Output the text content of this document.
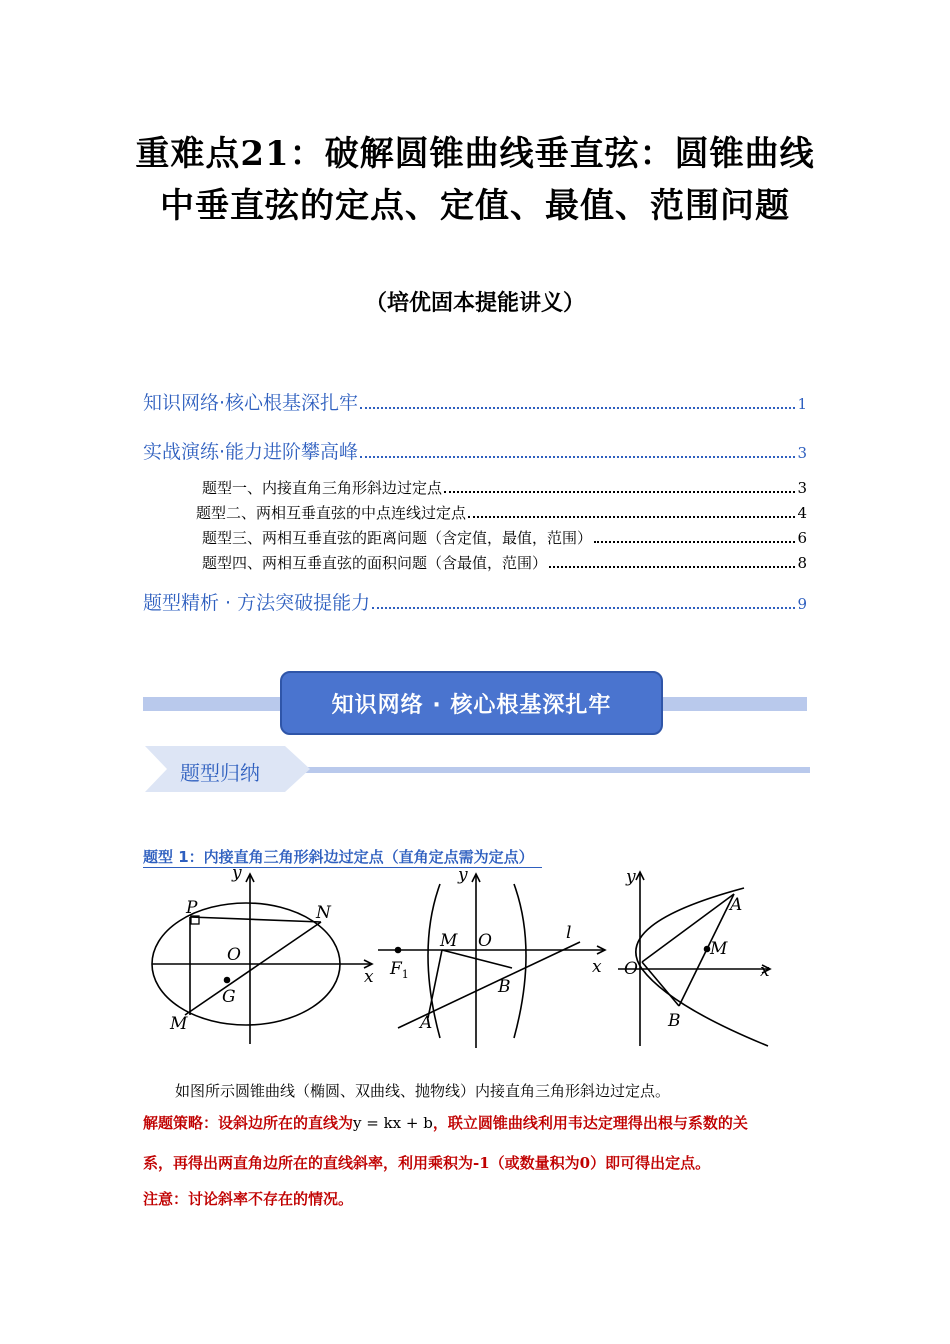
重难点21：破解圆锥曲线垂直弦：圆锥曲线中垂直弦的定点、定值、最值、范围问题
（培优固本提能讲义）
知识网络·核心根基深扎牢	1
实战演练·能力进阶攀高峰	3
题型一、内接直角三角形斜边过定点	3
题型二、两相互垂直弦的中点连线过定点	4
题型三、两相互垂直弦的距离问题（含定值，最值，范围）	6
题型四、两相互垂直弦的面积问题（含最值，范围）	8
题型精析 · 方法突破提能力	9
知识网络 · 核心根基深扎牢
题型归纳
题型 1：内接直角三角形斜边过定点（直角定点需为定点）
P	N
O
G
M
y
x
M O	l
$F_1$
B
A
y
x
A
M
O
B
y
x
如图所示圆锥曲线（椭圆、双曲线、抛物线）内接直角三角形斜边过定点。
解题策略：设斜边所在的直线为y = kx + b，联立圆锥曲线利用韦达定理得出根与系数的关
系，再得出两直角边所在的直线斜率，利用乘积为-1（或数量积为0）即可得出定点。
注意：讨论斜率不存在的情况。
